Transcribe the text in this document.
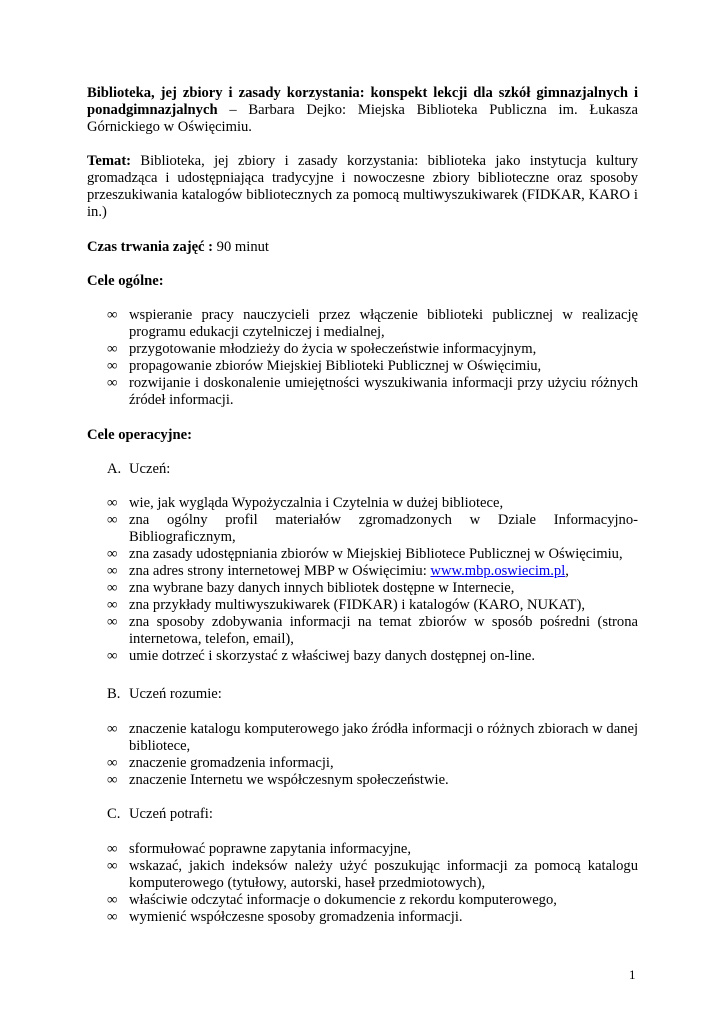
Biblioteka, jej zbiory i zasady korzystania: konspekt lekcji dla szkół gimnazjalnych i ponadgimnazjalnych – Barbara Dejko: Miejska Biblioteka Publiczna im. Łukasza Górnickiego w Oświęcimiu.

Temat: Biblioteka, jej zbiory i zasady korzystania: biblioteka jako instytucja kultury gromadząca i udostępniająca tradycyjne i nowoczesne zbiory biblioteczne oraz sposoby przeszukiwania katalogów bibliotecznych za pomocą multiwyszukiwarek (FIDKAR, KARO i in.)

Czas trwania zajęć : 90 minut

Cele ogólne:

∞ wspieranie pracy nauczycieli przez włączenie biblioteki publicznej w realizację programu edukacji czytelniczej i medialnej,
∞ przygotowanie młodzieży do życia w społeczeństwie informacyjnym,
∞ propagowanie zbiorów Miejskiej Biblioteki Publicznej w Oświęcimiu,
∞ rozwijanie i doskonalenie umiejętności wyszukiwania informacji przy użyciu różnych źródeł informacji.

Cele operacyjne:

A. Uczeń:

∞ wie, jak wygląda Wypożyczalnia i Czytelnia w dużej bibliotece,
∞ zna ogólny profil materiałów zgromadzonych w Dziale Informacyjno-Bibliograficznym,
∞ zna zasady udostępniania zbiorów w Miejskiej Bibliotece Publicznej w Oświęcimiu,
∞ zna adres strony internetowej MBP w Oświęcimiu: www.mbp.oswiecim.pl,
∞ zna wybrane bazy danych innych bibliotek dostępne w Internecie,
∞ zna przykłady multiwyszukiwarek (FIDKAR) i katalogów (KARO, NUKAT),
∞ zna sposoby zdobywania informacji na temat zbiorów w sposób pośredni (strona internetowa, telefon, email),
∞ umie dotrzeć i skorzystać z właściwej bazy danych dostępnej on-line.

B. Uczeń rozumie:

∞ znaczenie katalogu komputerowego jako źródła informacji o różnych zbiorach w danej bibliotece,
∞ znaczenie gromadzenia informacji,
∞ znaczenie Internetu we współczesnym społeczeństwie.

C. Uczeń potrafi:

∞ sformułować poprawne zapytania informacyjne,
∞ wskazać, jakich indeksów należy użyć poszukując informacji za pomocą katalogu komputerowego (tytułowy, autorski, haseł przedmiotowych),
∞ właściwie odczytać informacje o dokumencie z rekordu komputerowego,
∞ wymienić współczesne sposoby gromadzenia informacji.
1
